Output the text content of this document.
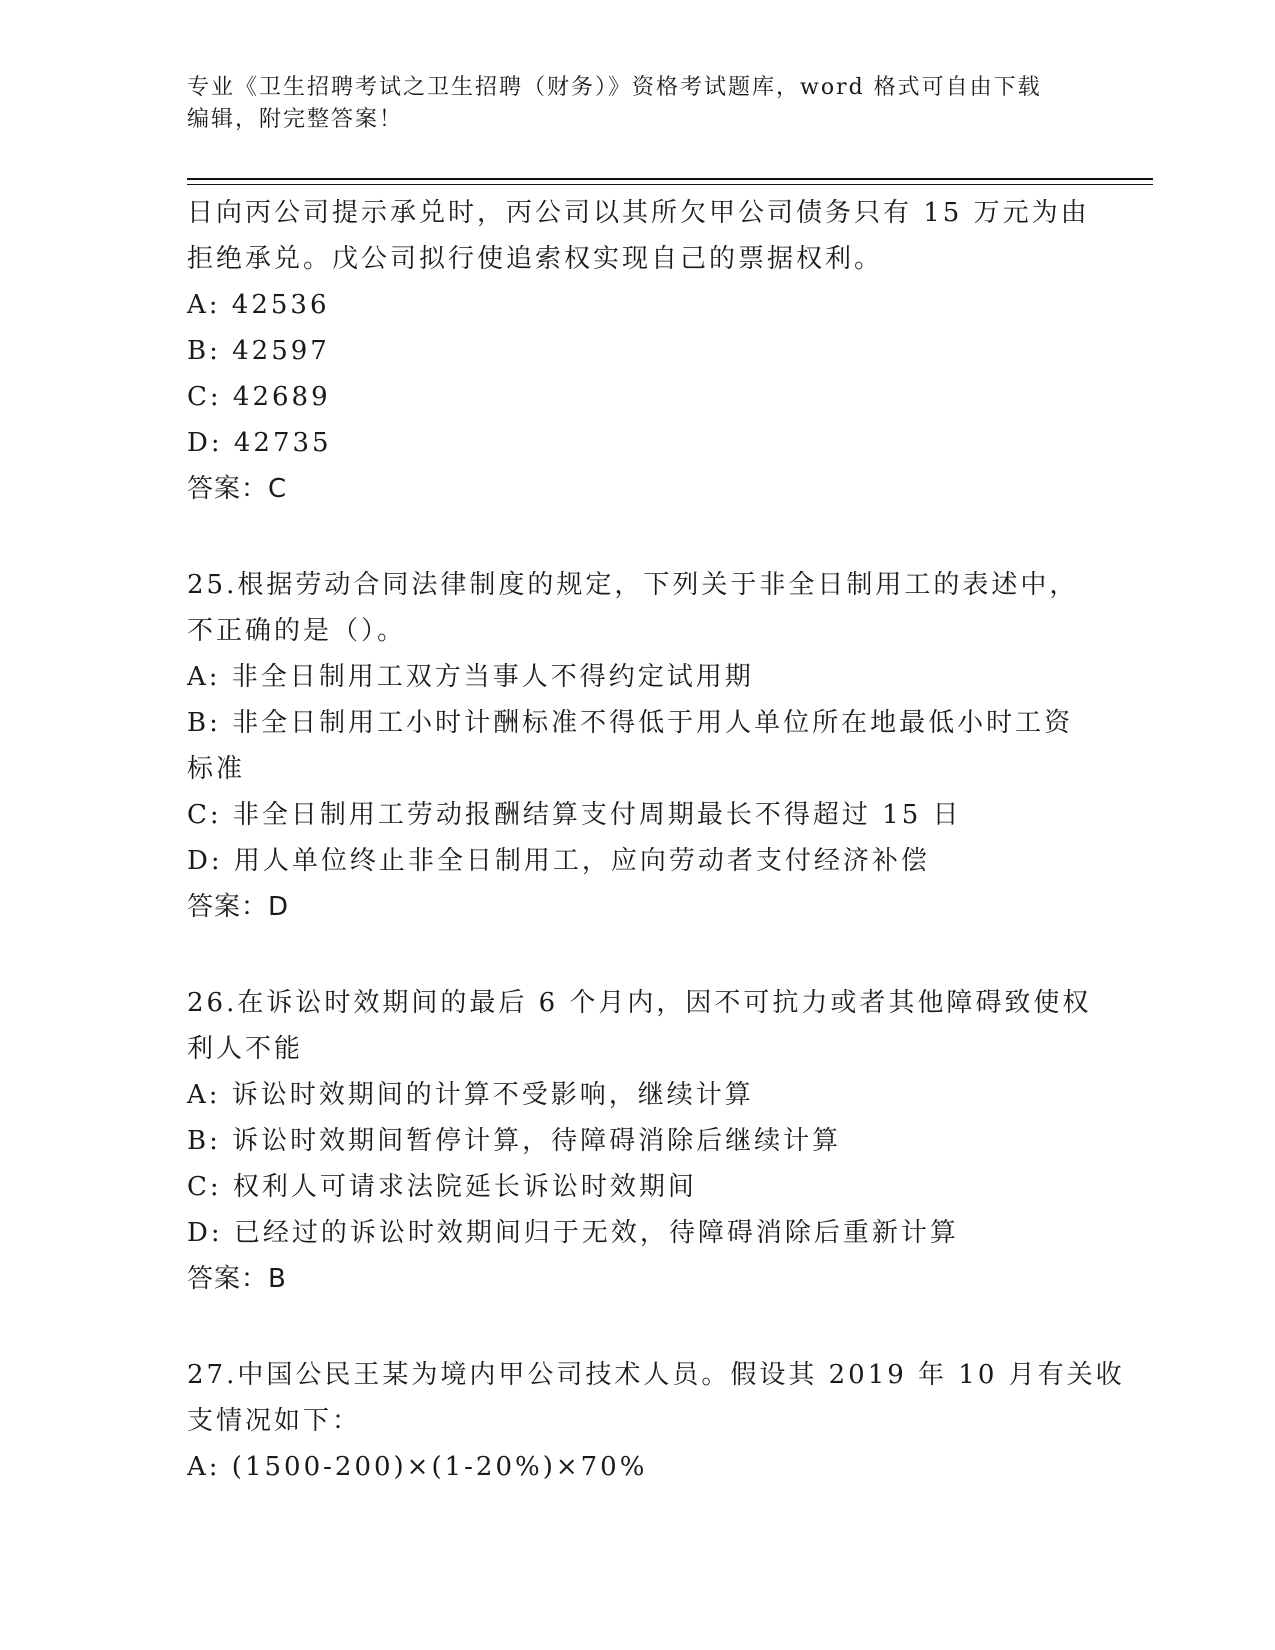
专业《卫生招聘考试之卫生招聘（财务）》资格考试题库，word 格式可自由下载
编辑，附完整答案！
日向丙公司提示承兑时，丙公司以其所欠甲公司债务只有 15 万元为由
拒绝承兑。戊公司拟行使追索权实现自己的票据权利。
A: 42536
B: 42597
C: 42689
D: 42735
答案：C
25.根据劳动合同法律制度的规定，下列关于非全日制用工的表述中，
不正确的是（）。
A: 非全日制用工双方当事人不得约定试用期
B: 非全日制用工小时计酬标准不得低于用人单位所在地最低小时工资
标准
C: 非全日制用工劳动报酬结算支付周期最长不得超过 15 日
D: 用人单位终止非全日制用工，应向劳动者支付经济补偿
答案：D
26.在诉讼时效期间的最后 6 个月内，因不可抗力或者其他障碍致使权
利人不能
A: 诉讼时效期间的计算不受影响，继续计算
B: 诉讼时效期间暂停计算，待障碍消除后继续计算
C: 权利人可请求法院延长诉讼时效期间
D: 已经过的诉讼时效期间归于无效，待障碍消除后重新计算
答案：B
27.中国公民王某为境内甲公司技术人员。假设其 2019 年 10 月有关收
支情况如下：
A: (1500-200)×(1-20%)×70%
